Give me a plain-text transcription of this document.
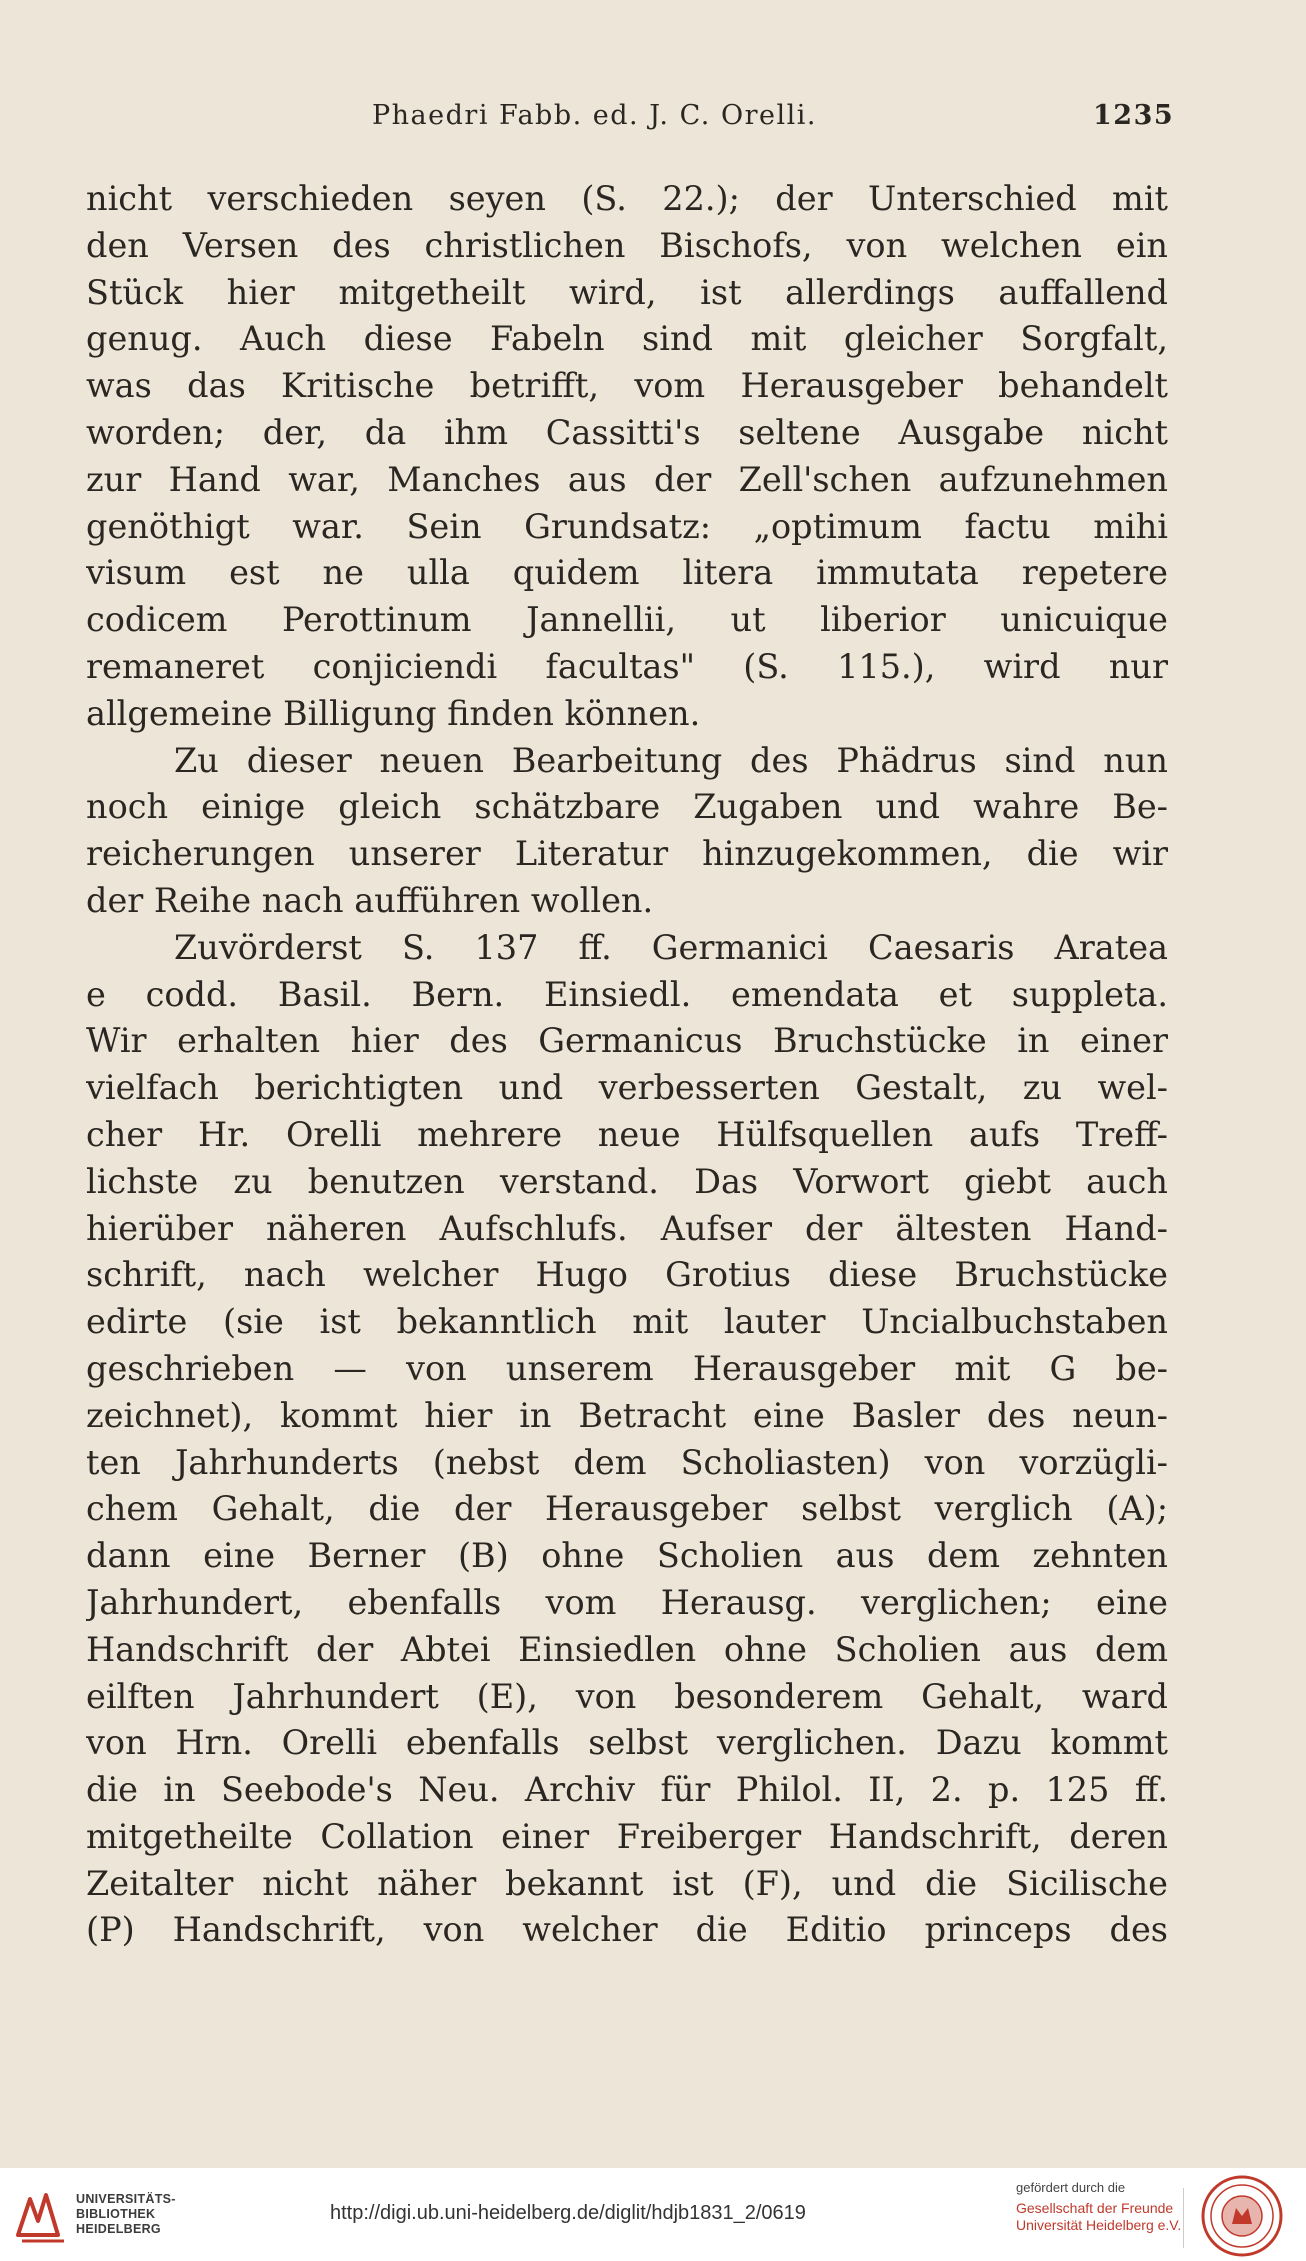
Phaedri Fabb. ed. J. C. Orelli.	1235
nicht verschieden seyen (S. 22.); der Unterschied mit
den Versen des christlichen Bischofs, von welchen ein
Stück hier mitgetheilt wird, ist allerdings auffallend
genug. Auch diese Fabeln sind mit gleicher Sorgfalt,
was das Kritische betrifft, vom Herausgeber behandelt
worden; der, da ihm Cassitti's seltene Ausgabe nicht
zur Hand war, Manches aus der Zell'schen aufzunehmen
genöthigt war. Sein Grundsatz: „optimum factu mihi
visum est ne ulla quidem litera immutata repetere
codicem Perottinum Jannellii, ut liberior unicuique
remaneret conjiciendi facultas" (S. 115.), wird nur
allgemeine Billigung finden können.
Zu dieser neuen Bearbeitung des Phädrus sind nun
noch einige gleich schätzbare Zugaben und wahre Be-
reicherungen unserer Literatur hinzugekommen, die wir
der Reihe nach aufführen wollen.
Zuvörderst S. 137 ff. Germanici Caesaris Aratea
e codd. Basil. Bern. Einsiedl. emendata et suppleta.
Wir erhalten hier des Germanicus Bruchstücke in einer
vielfach berichtigten und verbesserten Gestalt, zu wel-
cher Hr. Orelli mehrere neue Hülfsquellen aufs Treff-
lichste zu benutzen verstand. Das Vorwort giebt auch
hierüber näheren Aufschlufs. Aufser der ältesten Hand-
schrift, nach welcher Hugo Grotius diese Bruchstücke
edirte (sie ist bekanntlich mit lauter Uncialbuchstaben
geschrieben — von unserem Herausgeber mit G be-
zeichnet), kommt hier in Betracht eine Basler des neun-
ten Jahrhunderts (nebst dem Scholiasten) von vorzügli-
chem Gehalt, die der Herausgeber selbst verglich (A);
dann eine Berner (B) ohne Scholien aus dem zehnten
Jahrhundert, ebenfalls vom Herausg. verglichen; eine
Handschrift der Abtei Einsiedlen ohne Scholien aus dem
eilften Jahrhundert (E), von besonderem Gehalt, ward
von Hrn. Orelli ebenfalls selbst verglichen. Dazu kommt
die in Seebode's Neu. Archiv für Philol. II, 2. p. 125 ff.
mitgetheilte Collation einer Freiberger Handschrift, deren
Zeitalter nicht näher bekannt ist (F), und die Sicilische
(P) Handschrift, von welcher die Editio princeps des
UNIVERSITÄTS-
BIBLIOTHEK
HEIDELBERG
http://digi.ub.uni-heidelberg.de/diglit/hdjb1831_2/0619
gefördert durch die
Gesellschaft der Freunde
Universität Heidelberg e.V.
